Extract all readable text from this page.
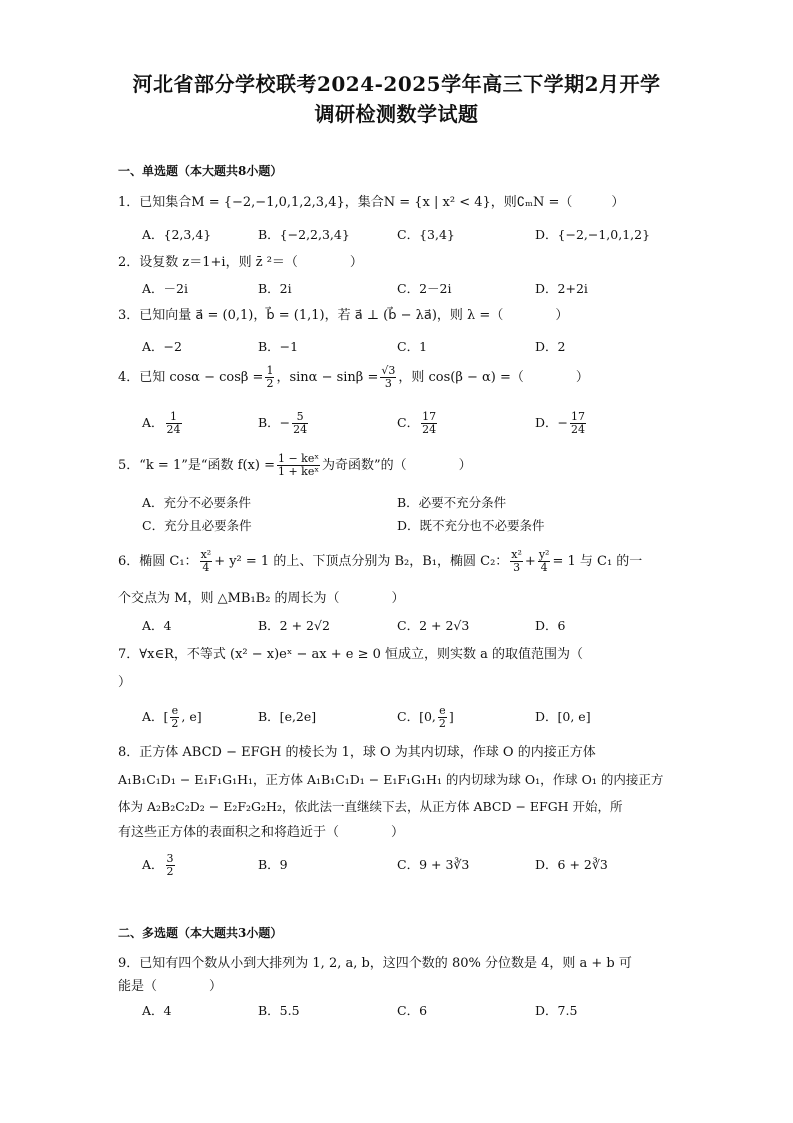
河北省部分学校联考2024-2025学年高三下学期2月开学
调研检测数学试题
一、单选题（本大题共8小题）
1．已知集合M = {−2,−1,0,1,2,3,4}，集合N = {x | x² < 4}，则∁ₘN =（　　　）
A．{2,3,4}	B．{−2,2,3,4}	C．{3,4}	D．{−2,−1,0,1,2}
2．设复数 z＝1+i，则 z̄ ²＝（　　　　）
A．－2i	B．2i	C．2－2i	D．2+2i
3．已知向量 a⃗ = (0,1)，b⃗ = (1,1)，若 a⃗ ⊥ (b⃗ − λa⃗)，则 λ =（　　　　）
A．−2	B．−1	C．1	D．2
4．已知 $\cos\alpha - \cos\beta = \frac{1}{2}$ ，$\sin\alpha - \sin\beta = \frac{√3}{3}$ ，则 cos(β − α) =（　　　　）
A． $\frac{1}{24}$	B．− $\frac{5}{24}$	C． $\frac{17}{24}$	D．− $\frac{17}{24}$
5．“k = 1”是“函数 $f(x) = \frac{\text{1 − keˣ}}{\text{1 + keˣ}}$ 为奇函数”的（　　　　）
A．充分不必要条件	B．必要不充分条件
C．充分且必要条件	D．既不充分也不必要条件
6．椭圆 C₁： $\frac{\text{x²}}{4} + y^2 = 1$ 的上、下顶点分别为 B₂，B₁，椭圆 C₂： $\frac{\text{x²}}{3} + \frac{\text{y²}}{4} = 1$ 与 C₁ 的一
个交点为 M，则 △MB₁B₂ 的周长为（　　　　）
A．4	B．2 + 2√2	C．2 + 2√3	D．6
7．∀x∈R，不等式 (x² − x)eˣ − ax + e ≥ 0 恒成立，则实数 a 的取值范围为（
）
A．[ $\frac{e}{2}$ , e]	B．[e,2e]	C．[0, $\frac{e}{2}$ ]	D．[0, e]
8．正方体 ABCD − EFGH 的棱长为 1，球 O 为其内切球，作球 O 的内接正方体
A₁B₁C₁D₁ − E₁F₁G₁H₁，正方体 A₁B₁C₁D₁ − E₁F₁G₁H₁ 的内切球为球 O₁，作球 O₁ 的内接正方
体为 A₂B₂C₂D₂ − E₂F₂G₂H₂，依此法一直继续下去，从正方体 ABCD − EFGH 开始，所
有这些正方体的表面积之和将趋近于（　　　　）
A． $\frac{3}{2}$	B．9	C．9 + 3∛3	D．6 + 2∛3
二、多选题（本大题共3小题）
9．已知有四个数从小到大排列为 1, 2, a, b，这四个数的 80% 分位数是 4，则 a + b 可
能是（　　　　）
A．4	B．5.5	C．6	D．7.5
